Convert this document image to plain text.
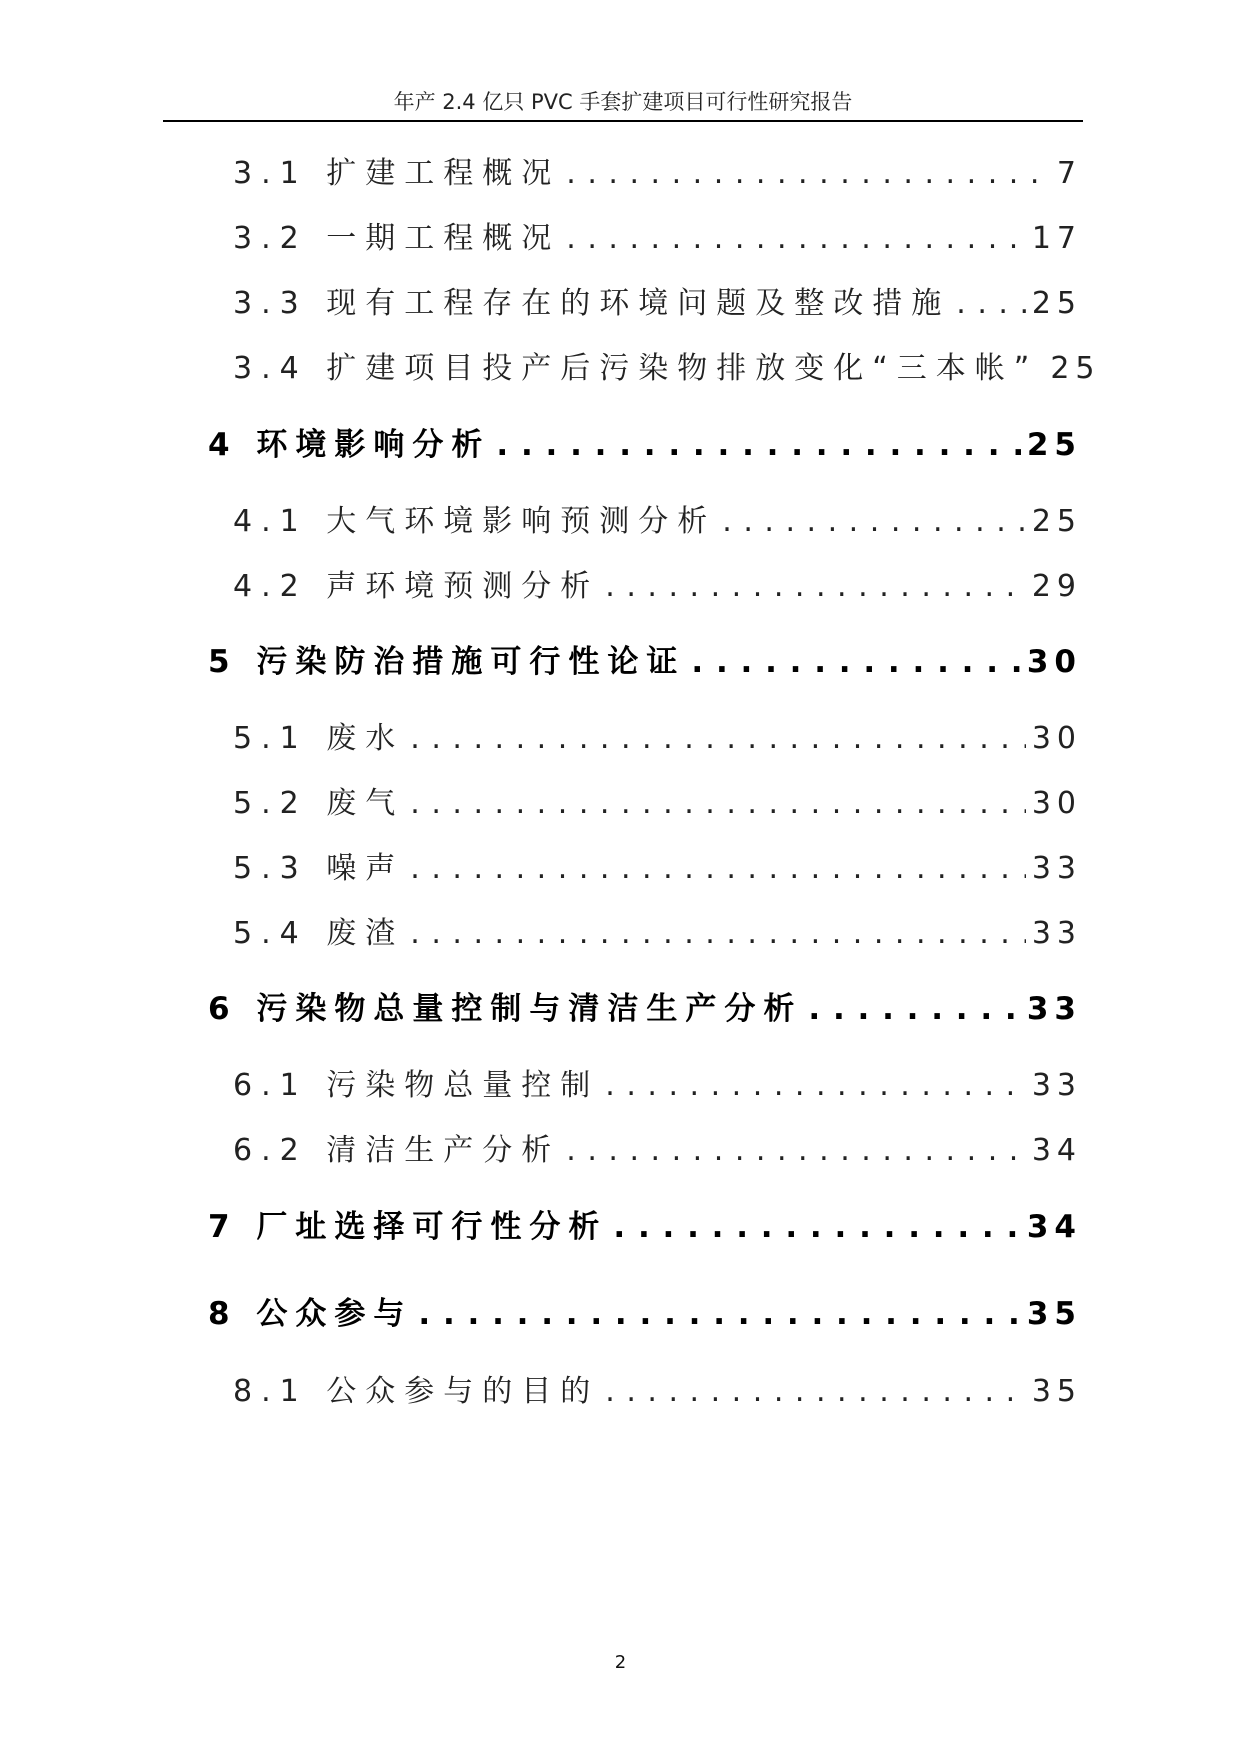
年产 2.4 亿只 PVC 手套扩建项目可行性研究报告
3.1 扩建工程概况 . . .	7
3.2 一期工程概况 . . .	17
3.3 现有工程存在的环境问题及整改措施 . . .	25
3.4 扩建项目投产后污染物排放变化“三本帐” 25
4 环境影响分析 . . .	25
4.1 大气环境影响预测分析 . . .	25
4.2 声环境预测分析 . . .	29
5 污染防治措施可行性论证 . . .	30
5.1 废水 . . .	30
5.2 废气 . . .	30
5.3 噪声 . . .	33
5.4 废渣 . . .	33
6 污染物总量控制与清洁生产分析 . . .	33
6.1 污染物总量控制 . . .	33
6.2 清洁生产分析 . . .	34
7 厂址选择可行性分析 . . .	34
8 公众参与 . . .	35
8.1 公众参与的目的 . . .	35
2
